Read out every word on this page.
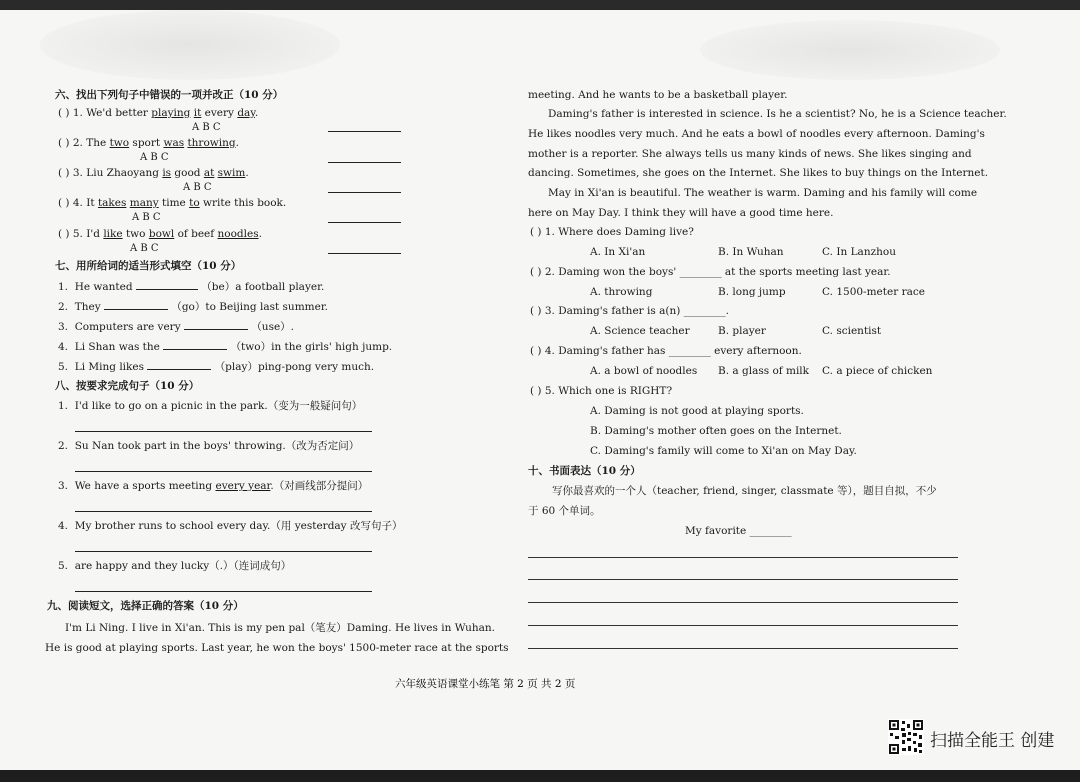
六、找出下列句子中错误的一项并改正（10 分）
( ) 1. We'd better playing it every day.
A B C
( ) 2. The two sport was throwing.
A B C
( ) 3. Liu Zhaoyang is good at swim.
A B C
( ) 4. It takes many time to write this book.
A B C
( ) 5. I'd like two bowl of beef noodles.
A B C
七、用所给词的适当形式填空（10 分）
1. He wanted	（be）a football player.
2. They	（go）to Beijing last summer.
3. Computers are very	（use）.
4. Li Shan was the	（two）in the girls' high jump.
5. Li Ming likes	（play）ping-pong very much.
八、按要求完成句子（10 分）
1. I'd like to go on a picnic in the park.（变为一般疑问句）
2. Su Nan took part in the boys' throwing.（改为否定问）
3. We have a sports meeting every year.（对画线部分提问）
4. My brother runs to school every day.（用 yesterday 改写句子）
5. are happy and they lucky（.）（连词成句）
九、阅读短文，选择正确的答案（10 分）
I'm Li Ning. I live in Xi'an. This is my pen pal（笔友）Daming. He lives in Wuhan.
He is good at playing sports. Last year, he won the boys' 1500-meter race at the sports
meeting. And he wants to be a basketball player.
Daming's father is interested in science. Is he a scientist? No, he is a Science teacher.
He likes noodles very much. And he eats a bowl of noodles every afternoon. Daming's
mother is a reporter. She always tells us many kinds of news. She likes singing and
dancing. Sometimes, she goes on the Internet. She likes to buy things on the Internet.
May in Xi'an is beautiful. The weather is warm. Daming and his family will come
here on May Day. I think they will have a good time here.
( ) 1. Where does Daming live?
A. In Xi'an	B. In Wuhan	C. In Lanzhou
( ) 2. Daming won the boys' ________ at the sports meeting last year.
A. throwing	B. long jump	C. 1500-meter race
( ) 3. Daming's father is a(n) ________.
A. Science teacher	B. player	C. scientist
( ) 4. Daming's father has ________ every afternoon.
A. a bowl of noodles B. a glass of milk C. a piece of chicken
( ) 5. Which one is RIGHT?
A. Daming is not good at playing sports.
B. Daming's mother often goes on the Internet.
C. Daming's family will come to Xi'an on May Day.
十、书面表达（10 分）
写你最喜欢的一个人（teacher, friend, singer, classmate 等），题目自拟，不少
于 60 个单词。
My favorite ________
六年级英语课堂小练笔 第 2 页 共 2 页
扫描全能王 创建
